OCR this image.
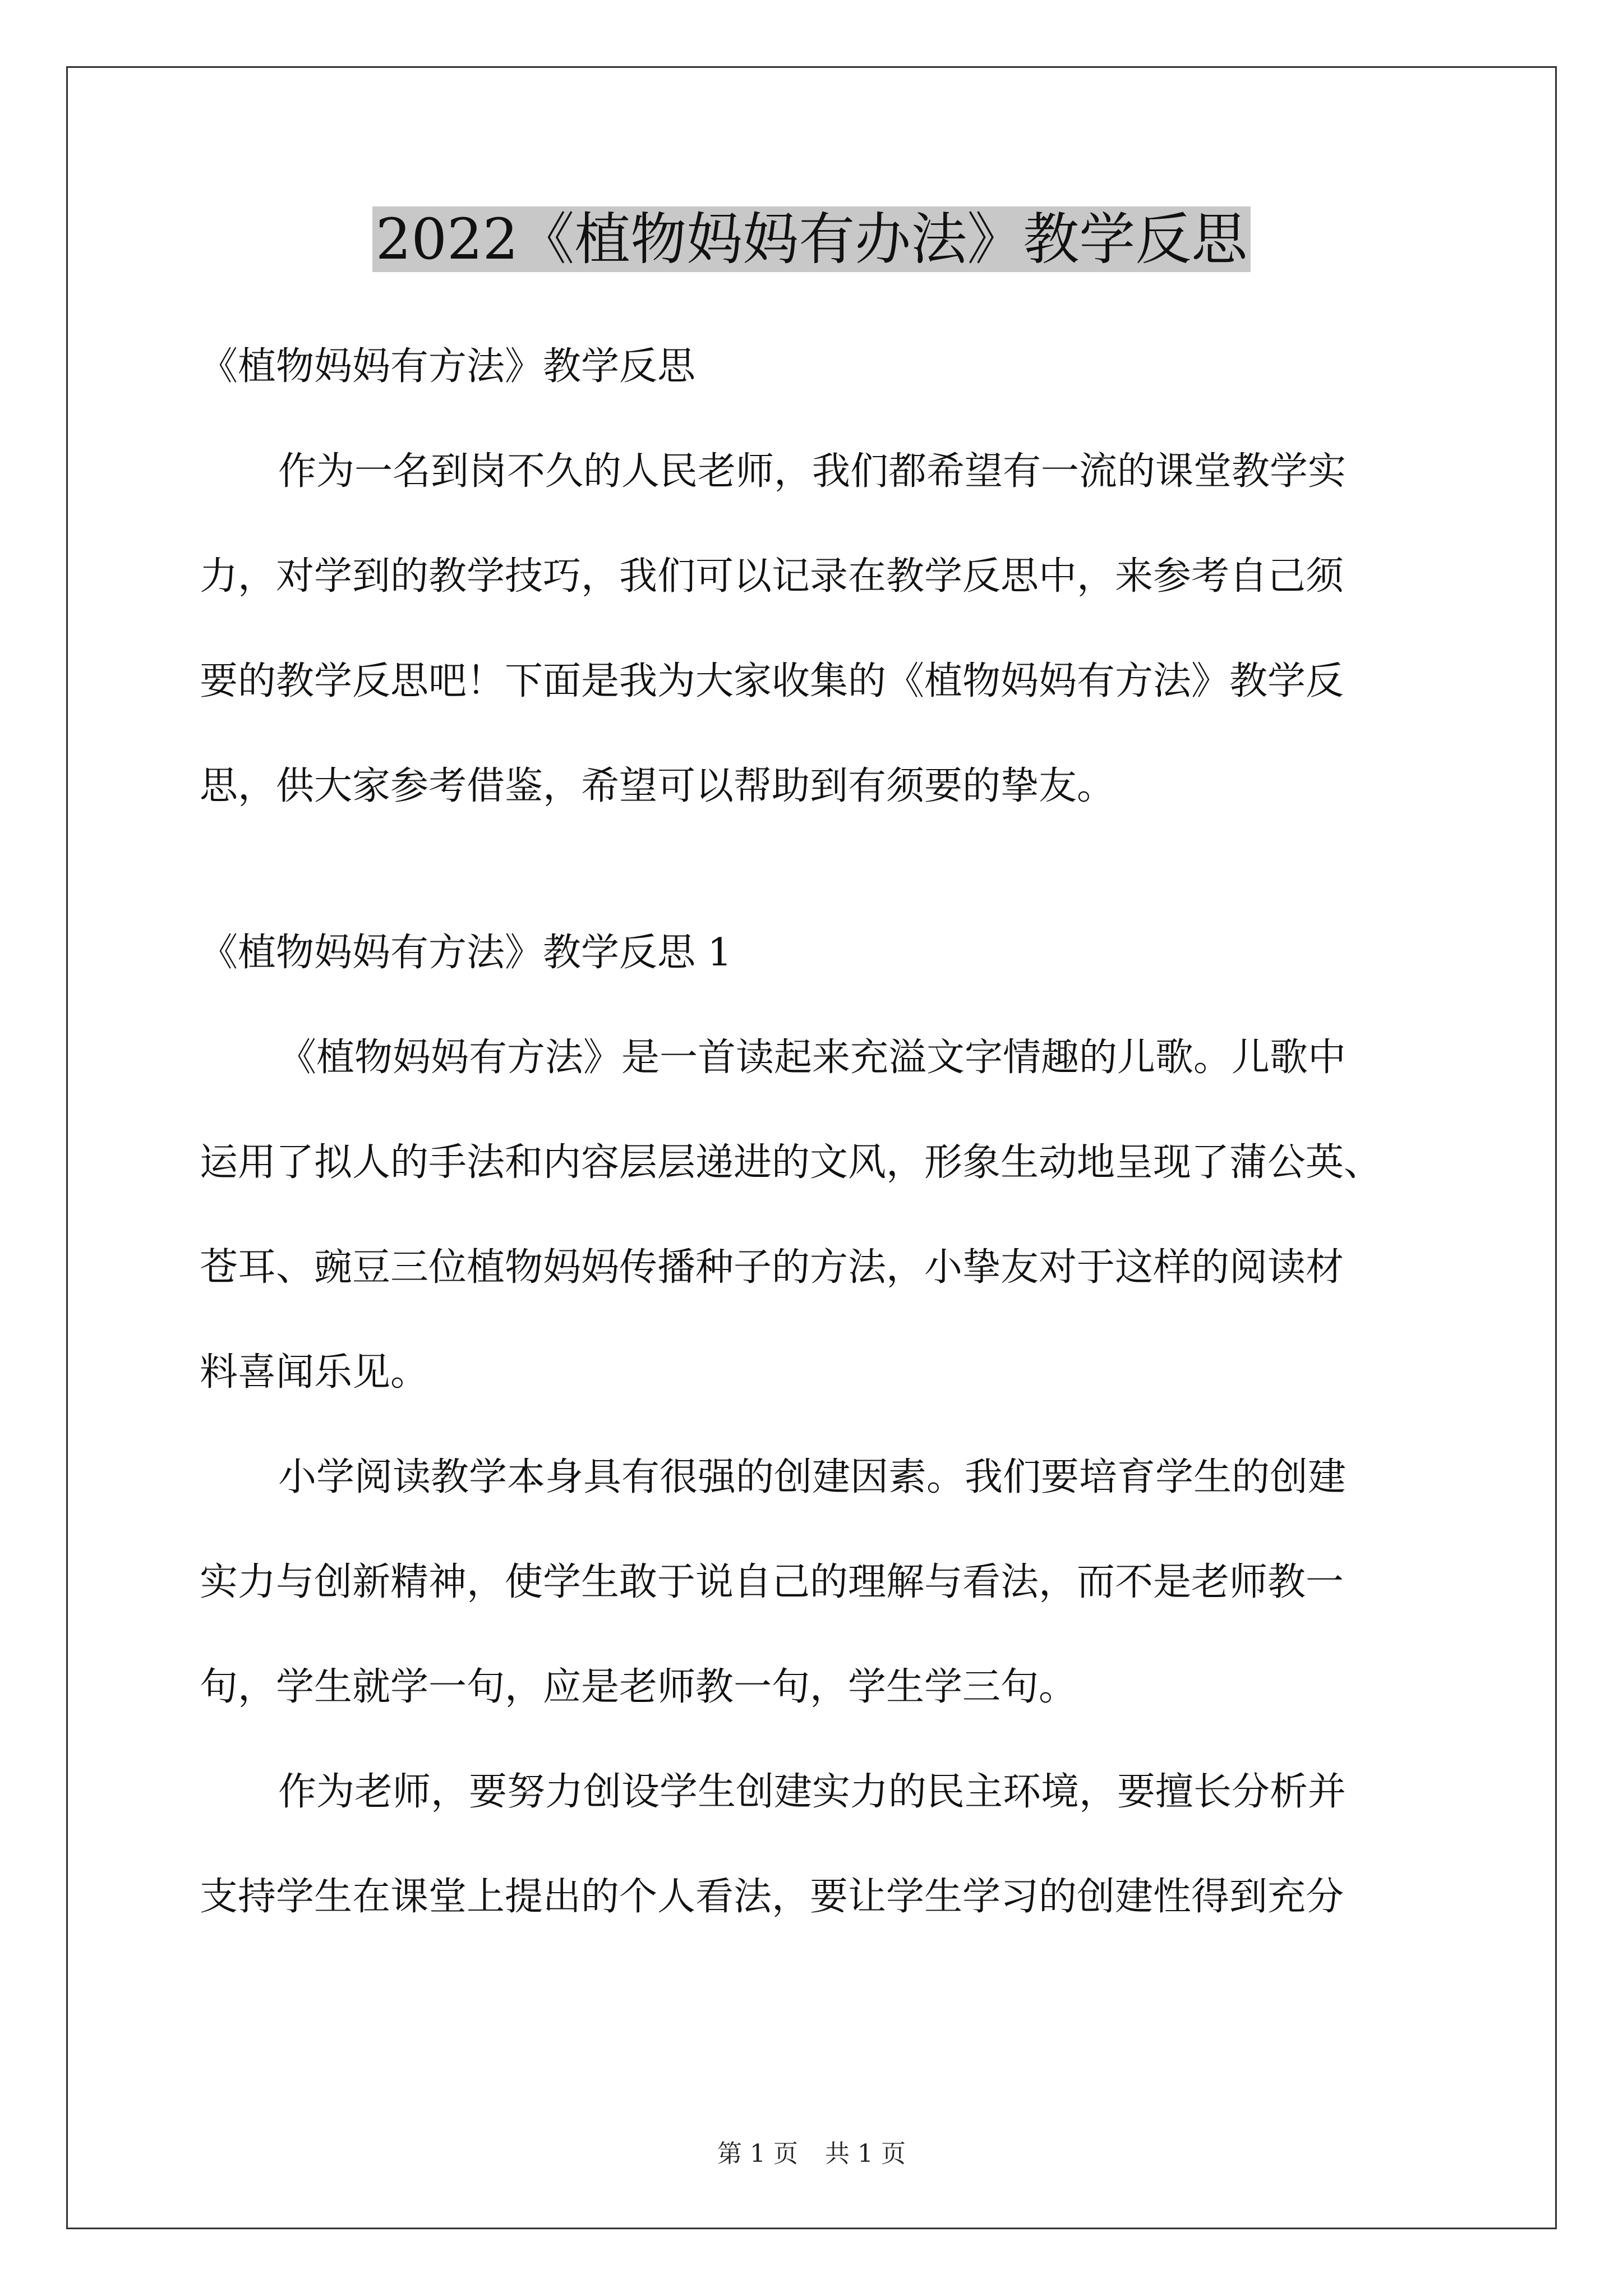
2022《植物妈妈有办法》教学反思

《植物妈妈有方法》教学反思

作为一名到岗不久的人民老师，我们都希望有一流的课堂教学实

力，对学到的教学技巧，我们可以记录在教学反思中，来参考自己须

要的教学反思吧！下面是我为大家收集的《植物妈妈有方法》教学反

思，供大家参考借鉴，希望可以帮助到有须要的挚友。

《植物妈妈有方法》教学反思 1

《植物妈妈有方法》是一首读起来充溢文字情趣的儿歌。儿歌中

运用了拟人的手法和内容层层递进的文风，形象生动地呈现了蒲公英、

苍耳、豌豆三位植物妈妈传播种子的方法，小挚友对于这样的阅读材

料喜闻乐见。

小学阅读教学本身具有很强的创建因素。我们要培育学生的创建

实力与创新精神，使学生敢于说自己的理解与看法，而不是老师教一

句，学生就学一句，应是老师教一句，学生学三句。

作为老师，要努力创设学生创建实力的民主环境，要擅长分析并

支持学生在课堂上提出的个人看法，要让学生学习的创建性得到充分

第 1 页 共 1 页
